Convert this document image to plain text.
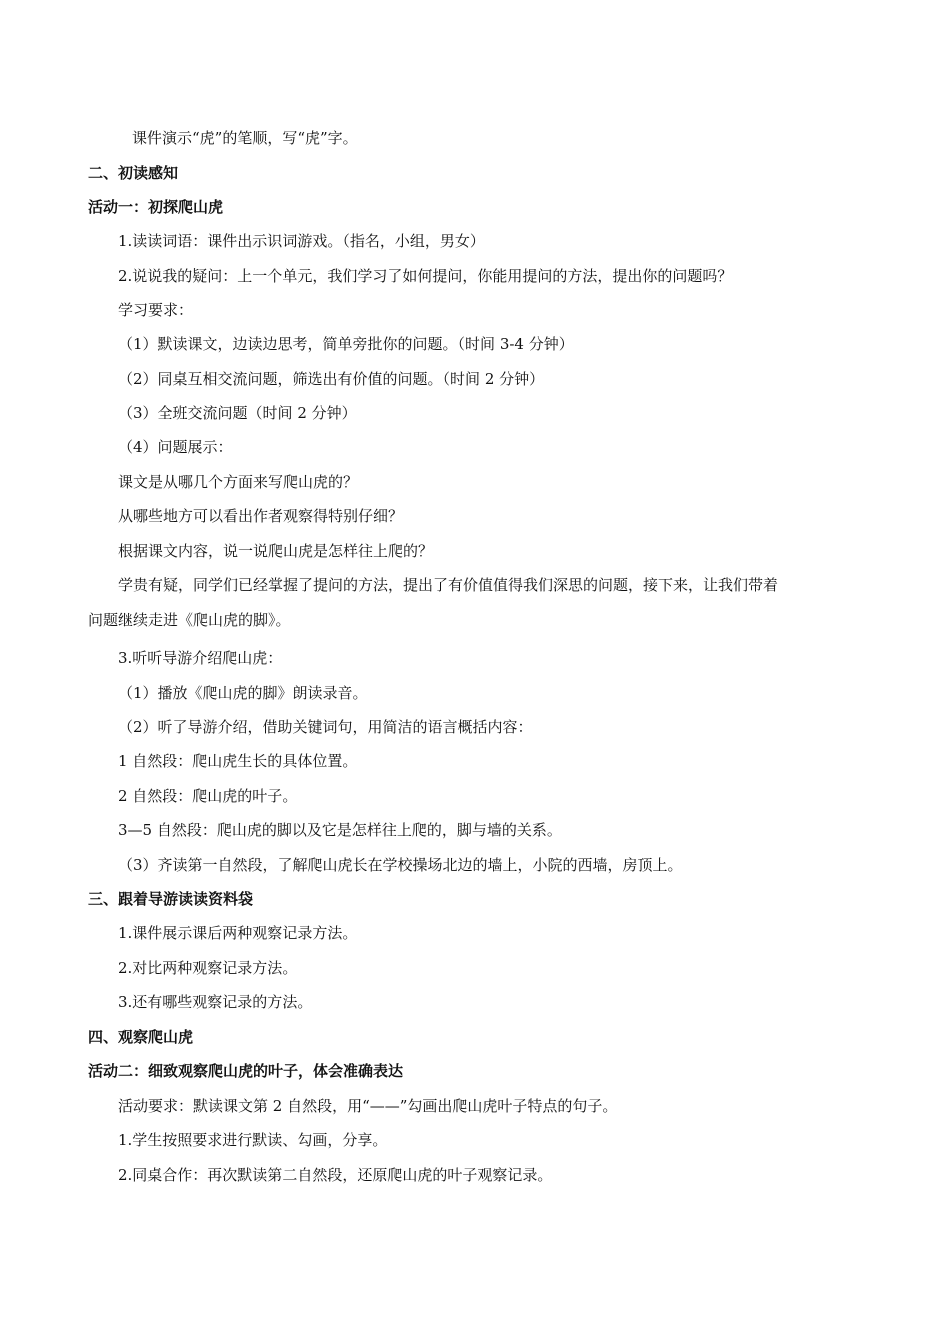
课件演示“虎”的笔顺，写“虎”字。
二、初读感知
活动一：初探爬山虎
1.读读词语：课件出示识词游戏。（指名，小组，男女）
2.说说我的疑问：上一个单元，我们学习了如何提问，你能用提问的方法，提出你的问题吗？
学习要求：
（1）默读课文，边读边思考，简单旁批你的问题。（时间 3-4 分钟）
（2）同桌互相交流问题，筛选出有价值的问题。（时间 2 分钟）
（3）全班交流问题（时间 2 分钟）
（4）问题展示：
课文是从哪几个方面来写爬山虎的？
从哪些地方可以看出作者观察得特别仔细？
根据课文内容，说一说爬山虎是怎样往上爬的？
学贵有疑，同学们已经掌握了提问的方法，提出了有价值值得我们深思的问题，接下来，让我们带着
问题继续走进《爬山虎的脚》。
3.听听导游介绍爬山虎：
（1）播放《爬山虎的脚》朗读录音。
（2）听了导游介绍，借助关键词句，用简洁的语言概括内容：
1 自然段：爬山虎生长的具体位置。
2 自然段：爬山虎的叶子。
3—5 自然段：爬山虎的脚以及它是怎样往上爬的，脚与墙的关系。
（3）齐读第一自然段，了解爬山虎长在学校操场北边的墙上，小院的西墙，房顶上。
三、跟着导游读读资料袋
1.课件展示课后两种观察记录方法。
2.对比两种观察记录方法。
3.还有哪些观察记录的方法。
四、观察爬山虎
活动二：细致观察爬山虎的叶子，体会准确表达
活动要求：默读课文第 2 自然段，用“——”勾画出爬山虎叶子特点的句子。
1.学生按照要求进行默读、勾画，分享。
2.同桌合作：再次默读第二自然段，还原爬山虎的叶子观察记录。
